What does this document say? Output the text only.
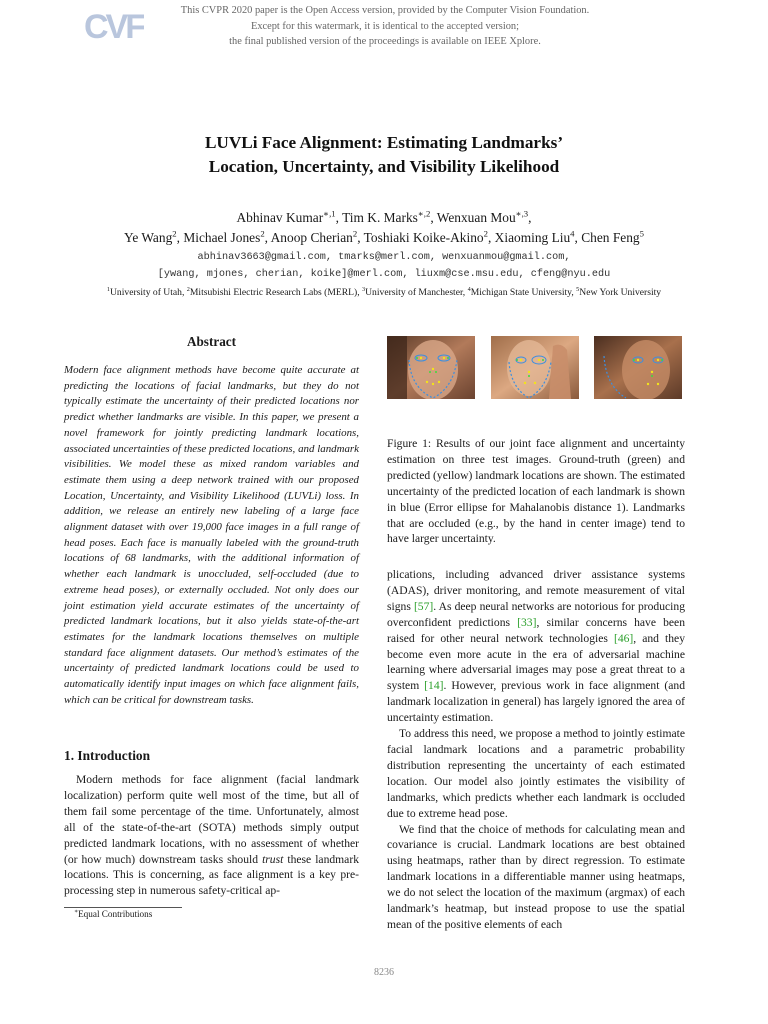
CVF	This CVPR 2020 paper is the Open Access version, provided by the Computer Vision Foundation.
Except for this watermark, it is identical to the accepted version;
the final published version of the proceedings is available on IEEE Xplore.
LUVLi Face Alignment: Estimating Landmarks’
Location, Uncertainty, and Visibility Likelihood
Abhinav Kumar$^{∗,1}$, Tim K. Marks$^{∗,2}$, Wenxuan Mou$^{∗,3}$,
Ye Wang$^2$, Michael Jones$^2$, Anoop Cherian$^2$, Toshiaki Koike-Akino$^2$, Xiaoming Liu$^4$, Chen Feng$^5$
abhinav3663@gmail.com, tmarks@merl.com, wenxuanmou@gmail.com,
[ywang, mjones, cherian, koike]@merl.com, liuxm@cse.msu.edu, cfeng@nyu.edu
$^1$University of Utah, $^2$Mitsubishi Electric Research Labs (MERL), $^3$University of Manchester, $^4$Michigan State University, $^5$New York University
Abstract

Modern face alignment methods have become quite accurate at predicting the locations of facial landmarks, but they do not typically estimate the uncertainty of their predicted locations nor predict whether landmarks are visible. In this paper, we present a novel framework for jointly predicting landmark locations, associated uncertainties of these predicted locations, and landmark visibilities. We model these as mixed random variables and estimate them using a deep network trained with our proposed Location, Uncertainty, and Visibility Likelihood (LUVLi) loss. In addition, we release an entirely new labeling of a large face alignment dataset with over 19,000 face images in a full range of head poses. Each face is manually labeled with the ground-truth locations of 68 landmarks, with the additional information of whether each landmark is unoccluded, self-occluded (due to extreme head poses), or externally occluded. Not only does our joint estimation yield accurate estimates of the uncertainty of predicted landmark locations, but it also yields state-of-the-art estimates for the landmark locations themselves on multiple standard face alignment datasets. Our method’s estimates of the uncertainty of predicted landmark locations could be used to automatically identify input images on which face alignment fails, which can be critical for downstream tasks.

1. Introduction

Modern methods for face alignment (facial landmark localization) perform quite well most of the time, but all of them fail some percentage of the time. Unfortunately, almost all of the state-of-the-art (SOTA) methods simply output predicted landmark locations, with no assessment of whether (or how much) downstream tasks should trust these landmark locations. This is concerning, as face alignment is a key pre-processing step in numerous safety-critical ap-

∗Equal Contributions

Figure 1: Results of our joint face alignment and uncertainty estimation on three test images. Ground-truth (green) and predicted (yellow) landmark locations are shown. The estimated uncertainty of the predicted location of each landmark is shown in blue (Error ellipse for Mahalanobis distance 1). Landmarks that are occluded (e.g., by the hand in center image) tend to have larger uncertainty.

plications, including advanced driver assistance systems (ADAS), driver monitoring, and remote measurement of vital signs [57]. As deep neural networks are notorious for producing overconfident predictions [33], similar concerns have been raised for other neural network technologies [46], and they become even more acute in the era of adversarial machine learning where adversarial images may pose a great threat to a system [14]. However, previous work in face alignment (and landmark localization in general) has largely ignored the area of uncertainty estimation.

To address this need, we propose a method to jointly estimate facial landmark locations and a parametric probability distribution representing the uncertainty of each estimated location. Our model also jointly estimates the visibility of landmarks, which predicts whether each landmark is occluded due to extreme head pose.

We find that the choice of methods for calculating mean and covariance is crucial. Landmark locations are best obtained using heatmaps, rather than by direct regression. To estimate landmark locations in a differentiable manner using heatmaps, we do not select the location of the maximum (argmax) of each landmark’s heatmap, but instead propose to use the spatial mean of the positive elements of each

8236
